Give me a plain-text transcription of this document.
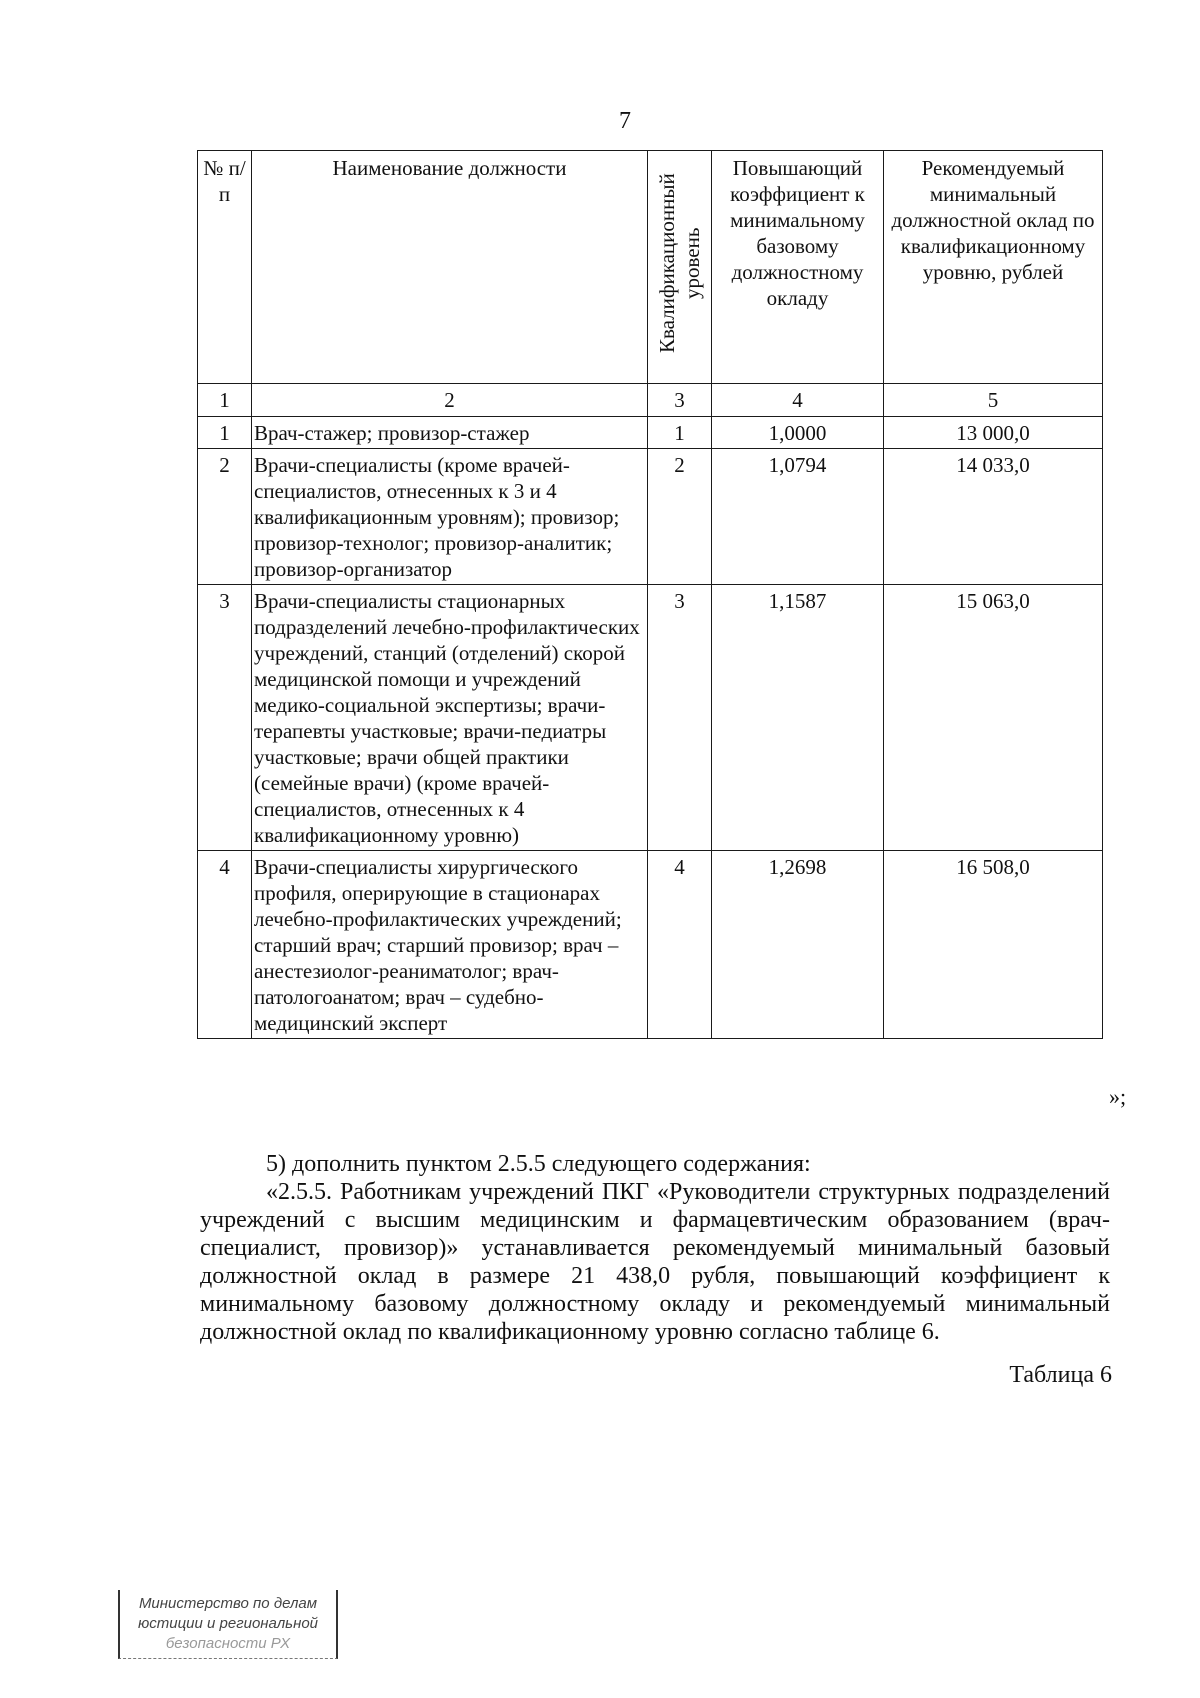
7
№ п/п	Наименование должности	Квалификационный уровень	Повышающий коэффициент к минимальному базовому должностному окладу	Рекомендуемый минимальный должностной оклад по квалификационному уровню, рублей
1	2	3	4	5
1	Врач-стажер; провизор-стажер	1	1,0000	13 000,0
2	Врачи-специалисты (кроме врачей-специалистов, отнесенных к 3 и 4 квалификационным уровням); провизор; провизор-технолог; провизор-аналитик; провизор-организатор	2	1,0794	14 033,0
3	Врачи-специалисты стационарных подразделений лечебно-профилактических учреждений, станций (отделений) скорой медицинской помощи и учреждений медико-социальной экспертизы; врачи-терапевты участковые; врачи-педиатры участковые; врачи общей практики (семейные врачи) (кроме врачей-специалистов, отнесенных к 4 квалификационному уровню)	3	1,1587	15 063,0
4	Врачи-специалисты хирургического профиля, оперирующие в стационарах лечебно-профилактических учреждений; старший врач; старший провизор; врач – анестезиолог-реаниматолог; врач-патологоанатом; врач – судебно-медицинский эксперт	4	1,2698	16 508,0
»;

5) дополнить пунктом 2.5.5 следующего содержания:

«2.5.5. Работникам учреждений ПКГ «Руководители структурных подразделений учреждений с высшим медицинским и фармацевтическим образованием (врач-специалист, провизор)» устанавливается рекомендуемый минимальный базовый должностной оклад в размере 21 438,0 рубля, повышающий коэффициент к минимальному базовому должностному окладу и рекомендуемый минимальный должностной оклад по квалификационному уровню согласно таблице 6.

Таблица 6
Министерство по делам
юстиции и региональной
безопасности РХ
